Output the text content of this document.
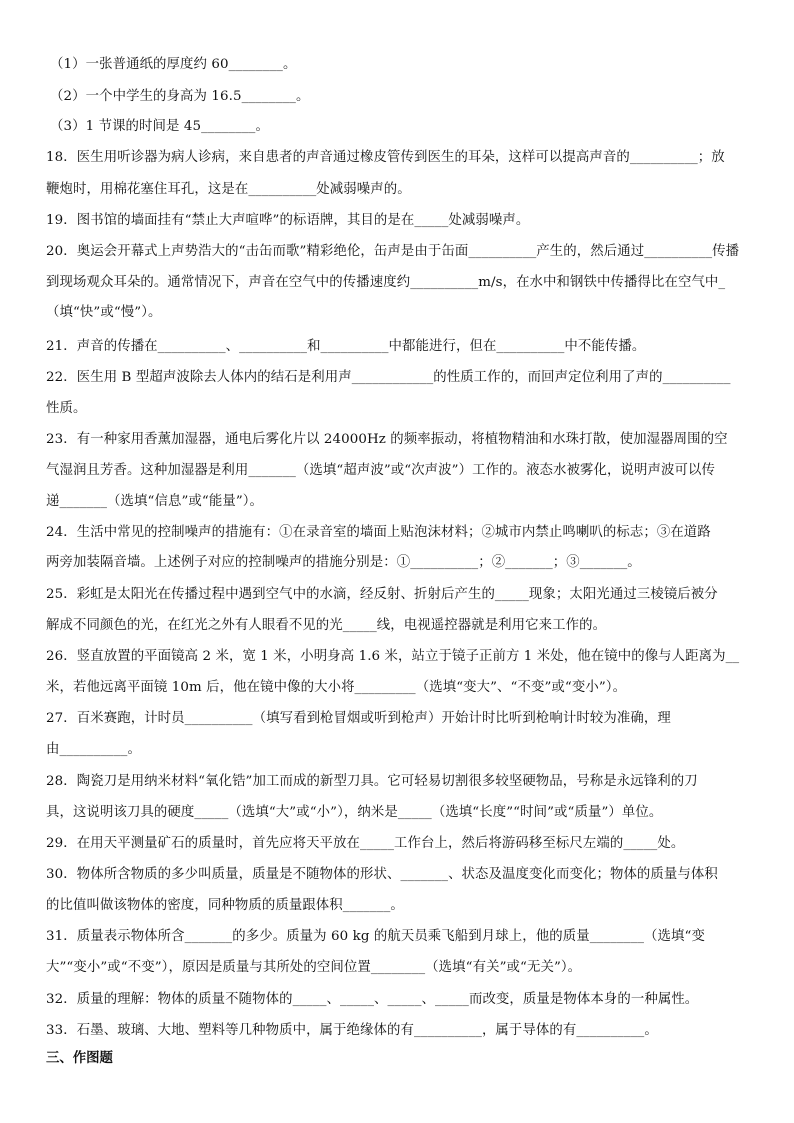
（1）一张普通纸的厚度约 60________。
（2）一个中学生的身高为 16.5________。
（3）1 节课的时间是 45________。
18．医生用听诊器为病人诊病，来自患者的声音通过橡皮管传到医生的耳朵，这样可以提高声音的__________；放
鞭炮时，用棉花塞住耳孔，这是在__________处减弱噪声的。
19．图书馆的墙面挂有“禁止大声喧哗”的标语牌，其目的是在_____处减弱噪声。
20．奥运会开幕式上声势浩大的“击缶而歌”精彩绝伦，缶声是由于缶面__________产生的，然后通过__________传播
到现场观众耳朵的。通常情况下，声音在空气中的传播速度约__________m/s，在水中和钢铁中传播得比在空气中_
（填“快”或“慢”）。
21．声音的传播在__________、__________和__________中都能进行，但在__________中不能传播。
22．医生用 B 型超声波除去人体内的结石是利用声____________的性质工作的，而回声定位利用了声的__________
性质。
23．有一种家用香薰加湿器，通电后雾化片以 24000Hz 的频率振动，将植物精油和水珠打散，使加湿器周围的空
气湿润且芳香。这种加湿器是利用_______（选填“超声波”或“次声波”）工作的。液态水被雾化，说明声波可以传
递_______（选填“信息”或“能量”）。
24．生活中常见的控制噪声的措施有：①在录音室的墙面上贴泡沫材料；②城市内禁止鸣喇叭的标志；③在道路
两旁加装隔音墙。上述例子对应的控制噪声的措施分别是：①__________；②_______；③_______。
25．彩虹是太阳光在传播过程中遇到空气中的水滴，经反射、折射后产生的_____现象；太阳光通过三棱镜后被分
解成不同颜色的光，在红光之外有人眼看不见的光_____线，电视遥控器就是利用它来工作的。
26．竖直放置的平面镜高 2 米，宽 1 米，小明身高 1.6 米，站立于镜子正前方 1 米处，他在镜中的像与人距离为__
米，若他远离平面镜 10m 后，他在镜中像的大小将_________（选填“变大”、“不变”或“变小”）。
27．百米赛跑，计时员__________（填写看到枪冒烟或听到枪声）开始计时比听到枪响计时较为准确，理
由__________。
28．陶瓷刀是用纳米材料“氧化锆”加工而成的新型刀具。它可轻易切割很多较坚硬物品，号称是永远锋利的刀
具，这说明该刀具的硬度_____（选填“大”或“小”），纳米是_____（选填“长度”“时间”或“质量”）单位。
29．在用天平测量矿石的质量时，首先应将天平放在_____工作台上，然后将游码移至标尺左端的_____处。
30．物体所含物质的多少叫质量，质量是不随物体的形状、_______、状态及温度变化而变化；物体的质量与体积
的比值叫做该物体的密度，同种物质的质量跟体积_______。
31．质量表示物体所含_______的多少。质量为 60 kg 的航天员乘飞船到月球上，他的质量________（选填“变
大”“变小”或“不变”），原因是质量与其所处的空间位置________（选填“有关”或“无关”）。
32．质量的理解：物体的质量不随物体的_____、_____、_____、_____而改变，质量是物体本身的一种属性。
33．石墨、玻璃、大地、塑料等几种物质中，属于绝缘体的有__________，属于导体的有__________。
三、作图题
